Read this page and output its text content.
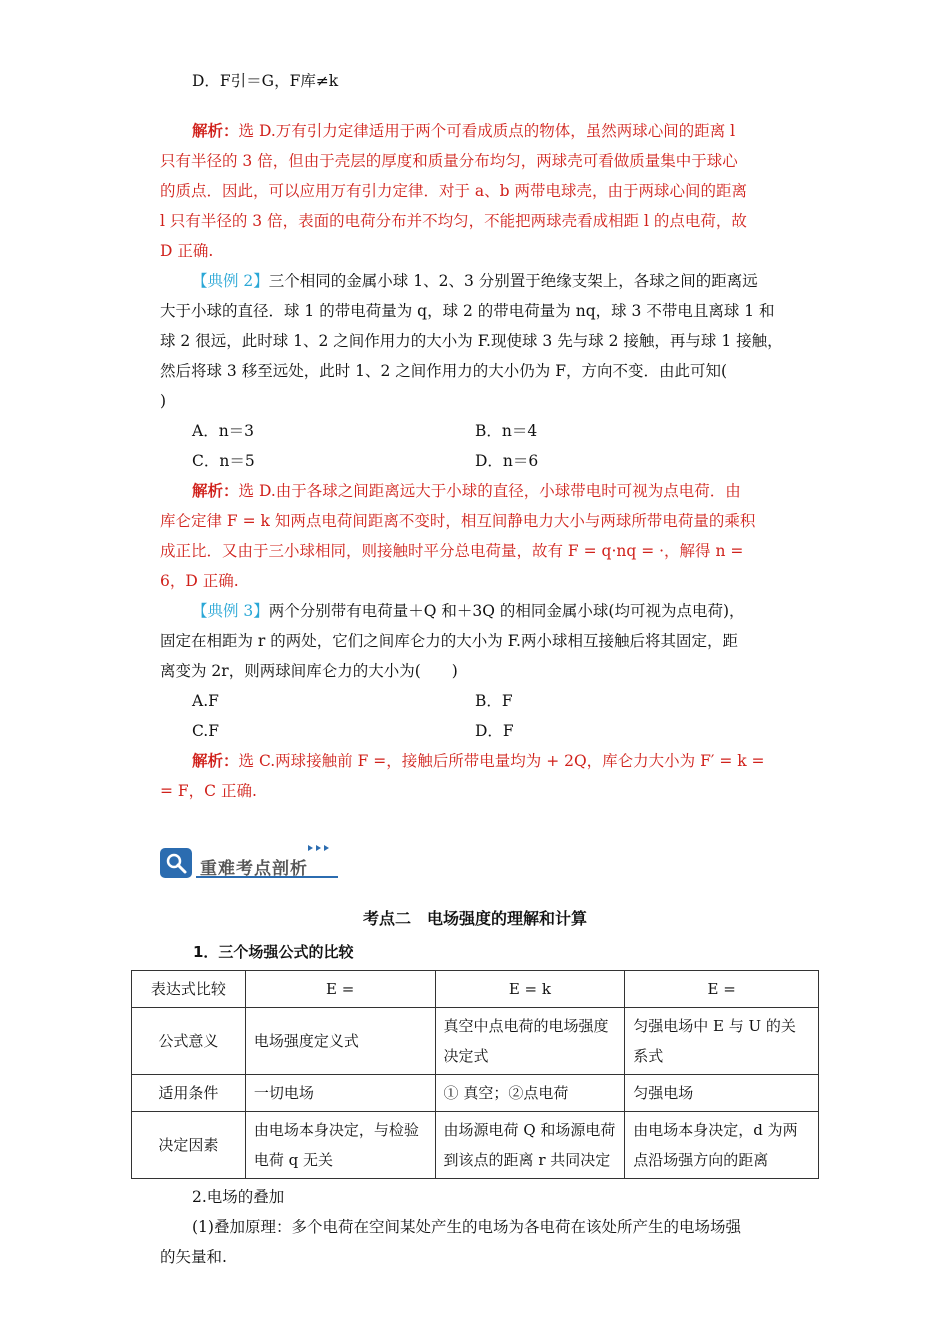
D．F引＝G，F库≠k
解析：选 D.万有引力定律适用于两个可看成质点的物体，虽然两球心间的距离 l
只有半径的 3 倍，但由于壳层的厚度和质量分布均匀，两球壳可看做质量集中于球心
的质点．因此，可以应用万有引力定律．对于 a、b 两带电球壳，由于两球心间的距离
l 只有半径的 3 倍，表面的电荷分布并不均匀，不能把两球壳看成相距 l 的点电荷，故
D 正确.
【典例 2】三个相同的金属小球 1、2、3 分别置于绝缘支架上，各球之间的距离远
大于小球的直径．球 1 的带电荷量为 q，球 2 的带电荷量为 nq，球 3 不带电且离球 1 和
球 2 很远，此时球 1、2 之间作用力的大小为 F.现使球 3 先与球 2 接触，再与球 1 接触，
然后将球 3 移至远处，此时 1、2 之间作用力的大小仍为 F，方向不变．由此可知(
)
A．n＝3	B．n＝4
C．n＝5	D．n＝6
解析：选 D.由于各球之间距离远大于小球的直径，小球带电时可视为点电荷．由
库仑定律 F = k 知两点电荷间距离不变时，相互间静电力大小与两球所带电荷量的乘积
成正比．又由于三小球相同，则接触时平分总电荷量，故有 F = q·nq = ·，解得 n =
6，D 正确.
【典例 3】两个分别带有电荷量＋Q 和＋3Q 的相同金属小球(均可视为点电荷)，
固定在相距为 r 的两处，它们之间库仑力的大小为 F.两小球相互接触后将其固定，距
离变为 2r，则两球间库仑力的大小为(　　)
A.F	B．F
C.F	D．F
解析：选 C.两球接触前 F =，接触后所带电量均为 + 2Q，库仑力大小为 F′ = k =
= F，C 正确.
重难考点剖析
考点二　电场强度的理解和计算
1．三个场强公式的比较
表达式比较	E =	E = k	E =
公式意义	电场强度定义式	真空中点电荷的电场强度决定式	匀强电场中 E 与 U 的关系式
适用条件	一切电场	① 真空；②点电荷	匀强电场
决定因素	由电场本身决定，与检验电荷 q 无关	由场源电荷 Q 和场源电荷到该点的距离 r 共同决定	由电场本身决定，d 为两点沿场强方向的距离
2.电场的叠加
(1)叠加原理：多个电荷在空间某处产生的电场为各电荷在该处所产生的电场场强
的矢量和.
